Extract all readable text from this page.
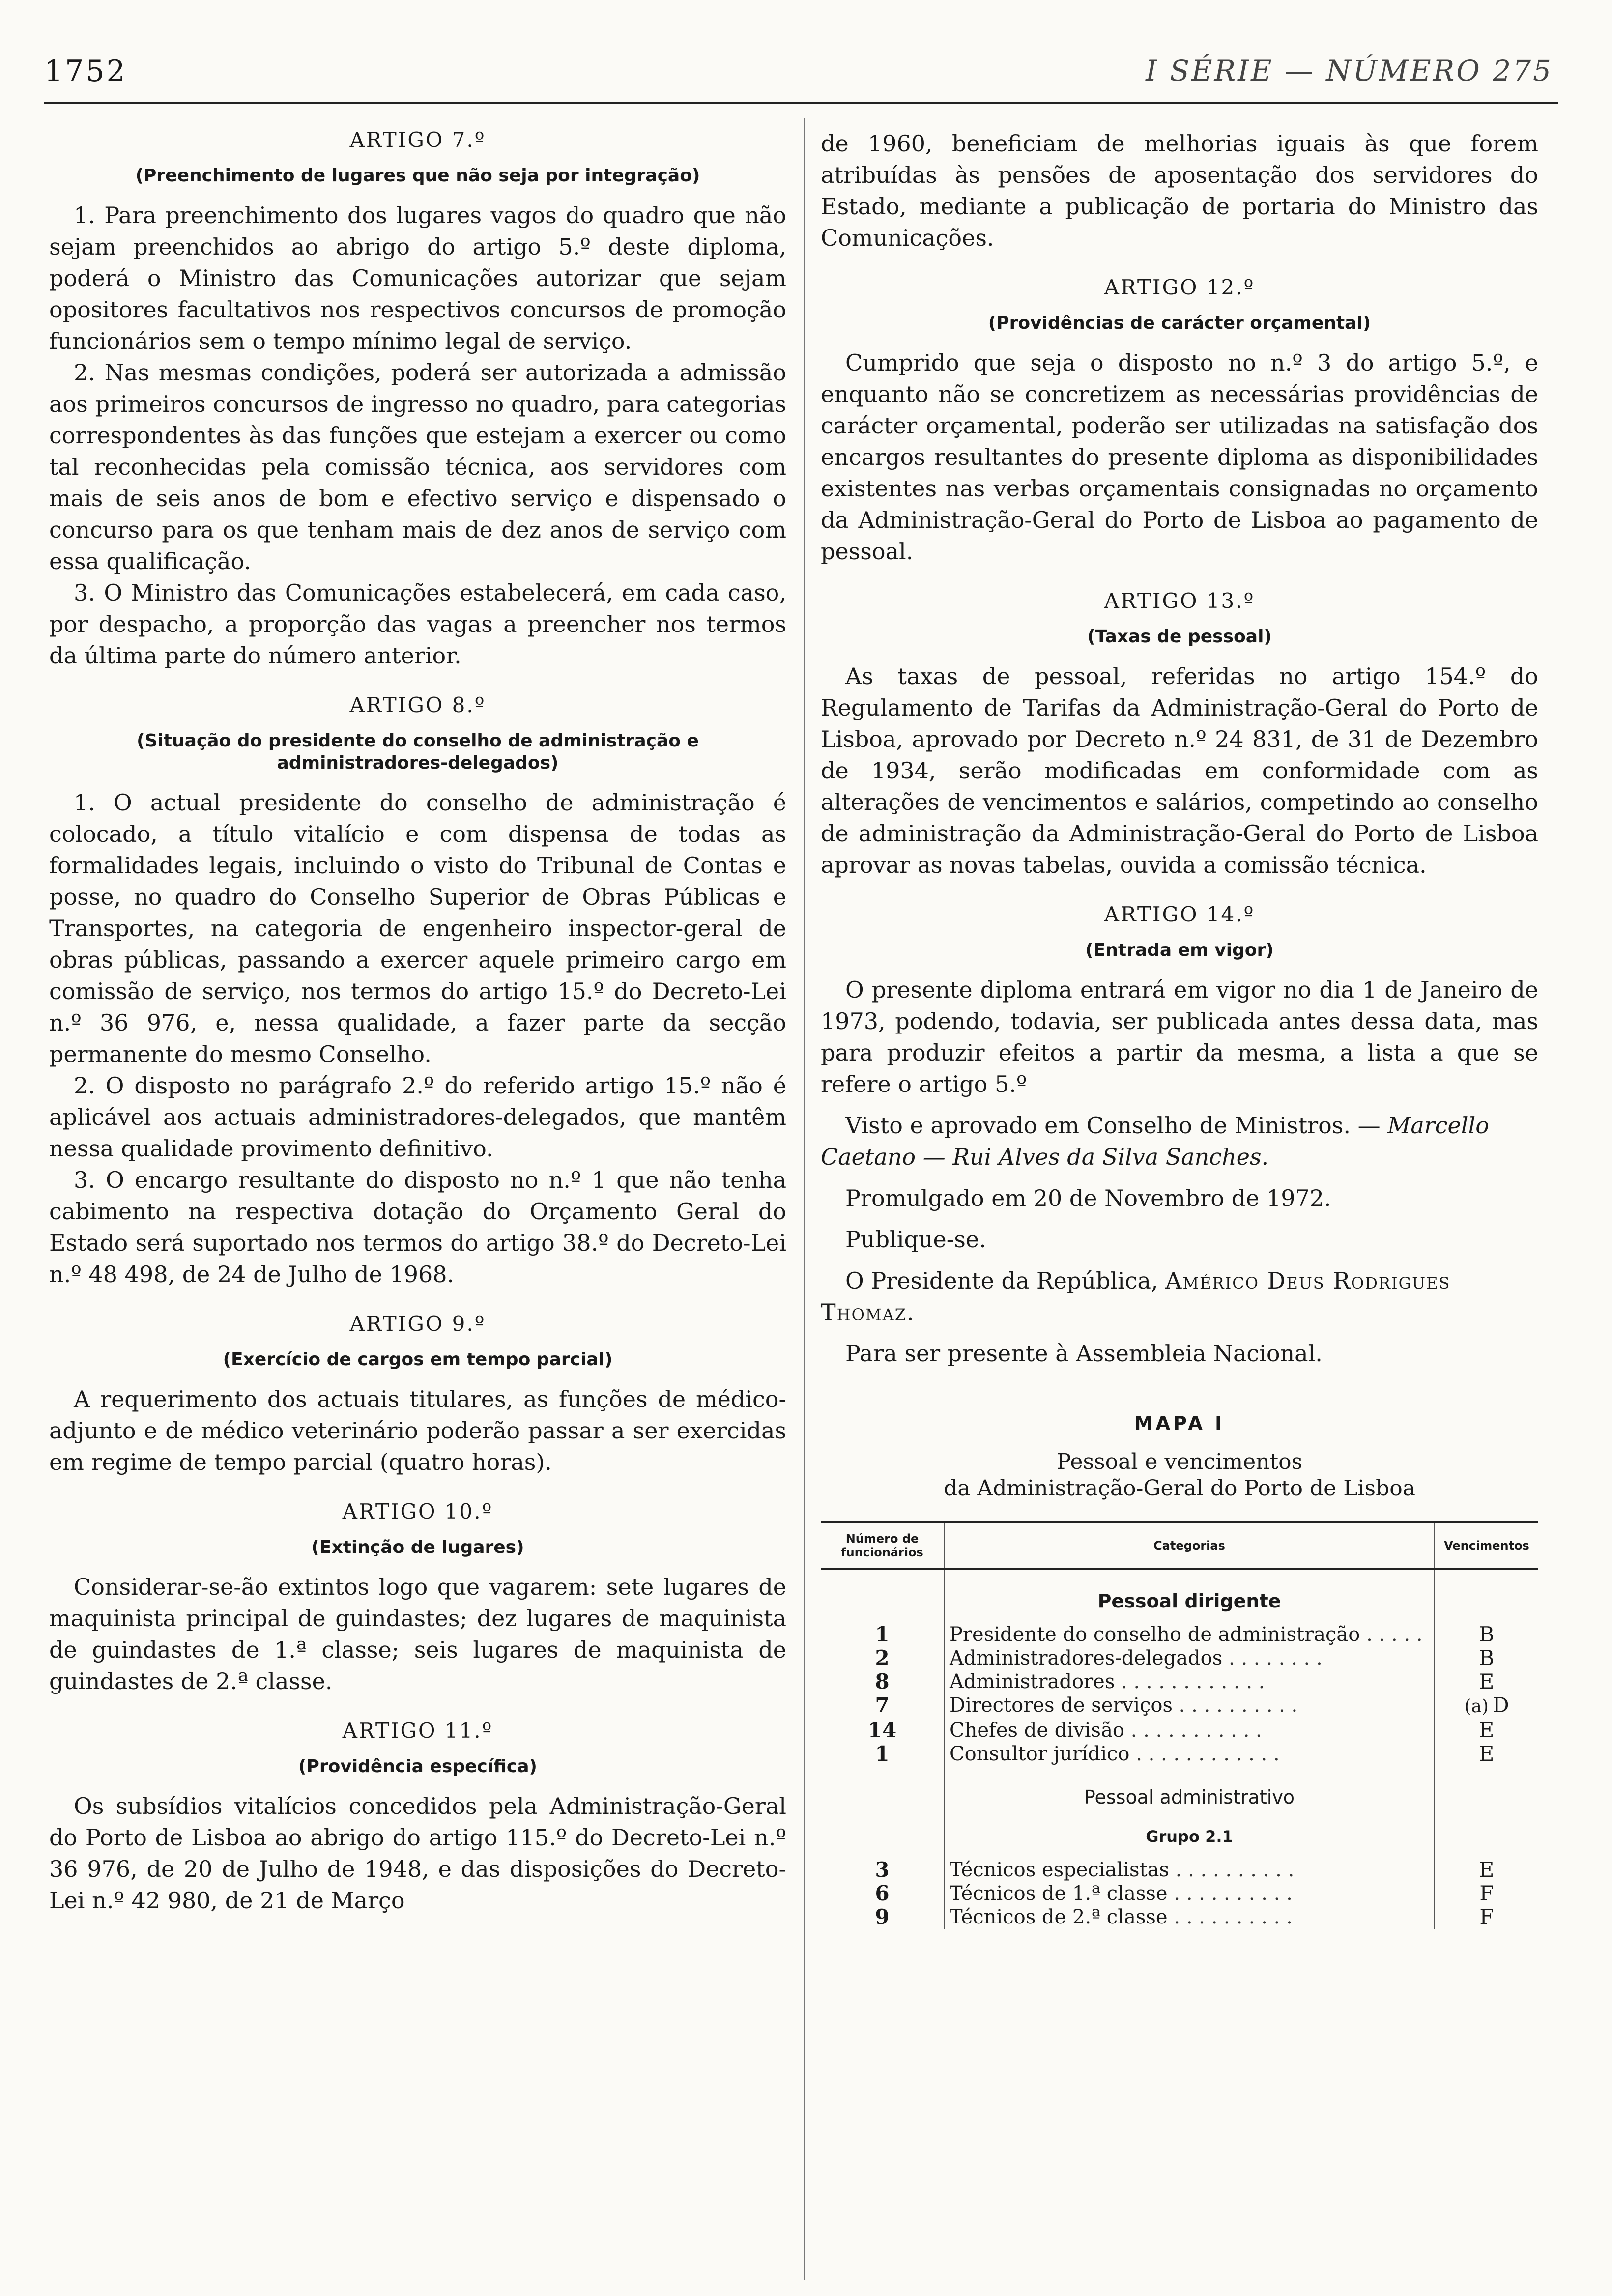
1752	I SÉRIE — NÚMERO 275
ARTIGO 7.º
(Preenchimento de lugares que não seja por integração)

1. Para preenchimento dos lugares vagos do quadro que não sejam preenchidos ao abrigo do artigo 5.º deste diploma, poderá o Ministro das Comunicações autorizar que sejam opositores facultativos nos respectivos concursos de promoção funcionários sem o tempo mínimo legal de serviço.

2. Nas mesmas condições, poderá ser autorizada a admissão aos primeiros concursos de ingresso no quadro, para categorias correspondentes às das funções que estejam a exercer ou como tal reconhecidas pela comissão técnica, aos servidores com mais de seis anos de bom e efectivo serviço e dispensado o concurso para os que tenham mais de dez anos de serviço com essa qualificação.

3. O Ministro das Comunicações estabelecerá, em cada caso, por despacho, a proporção das vagas a preencher nos termos da última parte do número anterior.

ARTIGO 8.º
(Situação do presidente do conselho de administração e administradores-delegados)

1. O actual presidente do conselho de administração é colocado, a título vitalício e com dispensa de todas as formalidades legais, incluindo o visto do Tribunal de Contas e posse, no quadro do Conselho Superior de Obras Públicas e Transportes, na categoria de engenheiro inspector-geral de obras públicas, passando a exercer aquele primeiro cargo em comissão de serviço, nos termos do artigo 15.º do Decreto-Lei n.º 36 976, e, nessa qualidade, a fazer parte da secção permanente do mesmo Conselho.

2. O disposto no parágrafo 2.º do referido artigo 15.º não é aplicável aos actuais administradores-delegados, que mantêm nessa qualidade provimento definitivo.

3. O encargo resultante do disposto no n.º 1 que não tenha cabimento na respectiva dotação do Orçamento Geral do Estado será suportado nos termos do artigo 38.º do Decreto-Lei n.º 48 498, de 24 de Julho de 1968.

ARTIGO 9.º
(Exercício de cargos em tempo parcial)

A requerimento dos actuais titulares, as funções de médico-adjunto e de médico veterinário poderão passar a ser exercidas em regime de tempo parcial (quatro horas).

ARTIGO 10.º
(Extinção de lugares)

Considerar-se-ão extintos logo que vagarem: sete lugares de maquinista principal de guindastes; dez lugares de maquinista de guindastes de 1.ª classe; seis lugares de maquinista de guindastes de 2.ª classe.

ARTIGO 11.º
(Providência específica)

Os subsídios vitalícios concedidos pela Administração-Geral do Porto de Lisboa ao abrigo do artigo 115.º do Decreto-Lei n.º 36 976, de 20 de Julho de 1948, e das disposições do Decreto-Lei n.º 42 980, de 21 de Março

de 1960, beneficiam de melhorias iguais às que forem atribuídas às pensões de aposentação dos servidores do Estado, mediante a publicação de portaria do Ministro das Comunicações.

ARTIGO 12.º
(Providências de carácter orçamental)

Cumprido que seja o disposto no n.º 3 do artigo 5.º, e enquanto não se concretizem as necessárias providências de carácter orçamental, poderão ser utilizadas na satisfação dos encargos resultantes do presente diploma as disponibilidades existentes nas verbas orçamentais consignadas no orçamento da Administração-Geral do Porto de Lisboa ao pagamento de pessoal.

ARTIGO 13.º
(Taxas de pessoal)

As taxas de pessoal, referidas no artigo 154.º do Regulamento de Tarifas da Administração-Geral do Porto de Lisboa, aprovado por Decreto n.º 24 831, de 31 de Dezembro de 1934, serão modificadas em conformidade com as alterações de vencimentos e salários, competindo ao conselho de administração da Administração-Geral do Porto de Lisboa aprovar as novas tabelas, ouvida a comissão técnica.

ARTIGO 14.º
(Entrada em vigor)

O presente diploma entrará em vigor no dia 1 de Janeiro de 1973, podendo, todavia, ser publicada antes dessa data, mas para produzir efeitos a partir da mesma, a lista a que se refere o artigo 5.º

Visto e aprovado em Conselho de Ministros. — Marcello Caetano — Rui Alves da Silva Sanches.

Promulgado em 20 de Novembro de 1972.

Publique-se.

O Presidente da República, Américo Deus Rodrigues Thomaz.

Para ser presente à Assembleia Nacional.

MAPA I

Pessoal e vencimentos

da Administração-Geral do Porto de Lisboa

Número de funcionários	Categorias	Vencimentos
	Pessoal dirigente	
1	Presidente do conselho de administração . . . . .	B
2	Administradores-delegados . . . . . . . .	B
8	Administradores . . . . . . . . . . . .	E
7	Directores de serviços . . . . . . . . . .	(a) D
14	Chefes de divisão . . . . . . . . . . .	E
1	Consultor jurídico . . . . . . . . . . . .	E
	Pessoal administrativo	
	Grupo 2.1	
3	Técnicos especialistas . . . . . . . . . .	E
6	Técnicos de 1.ª classe . . . . . . . . . .	F
9	Técnicos de 2.ª classe . . . . . . . . . .	F
